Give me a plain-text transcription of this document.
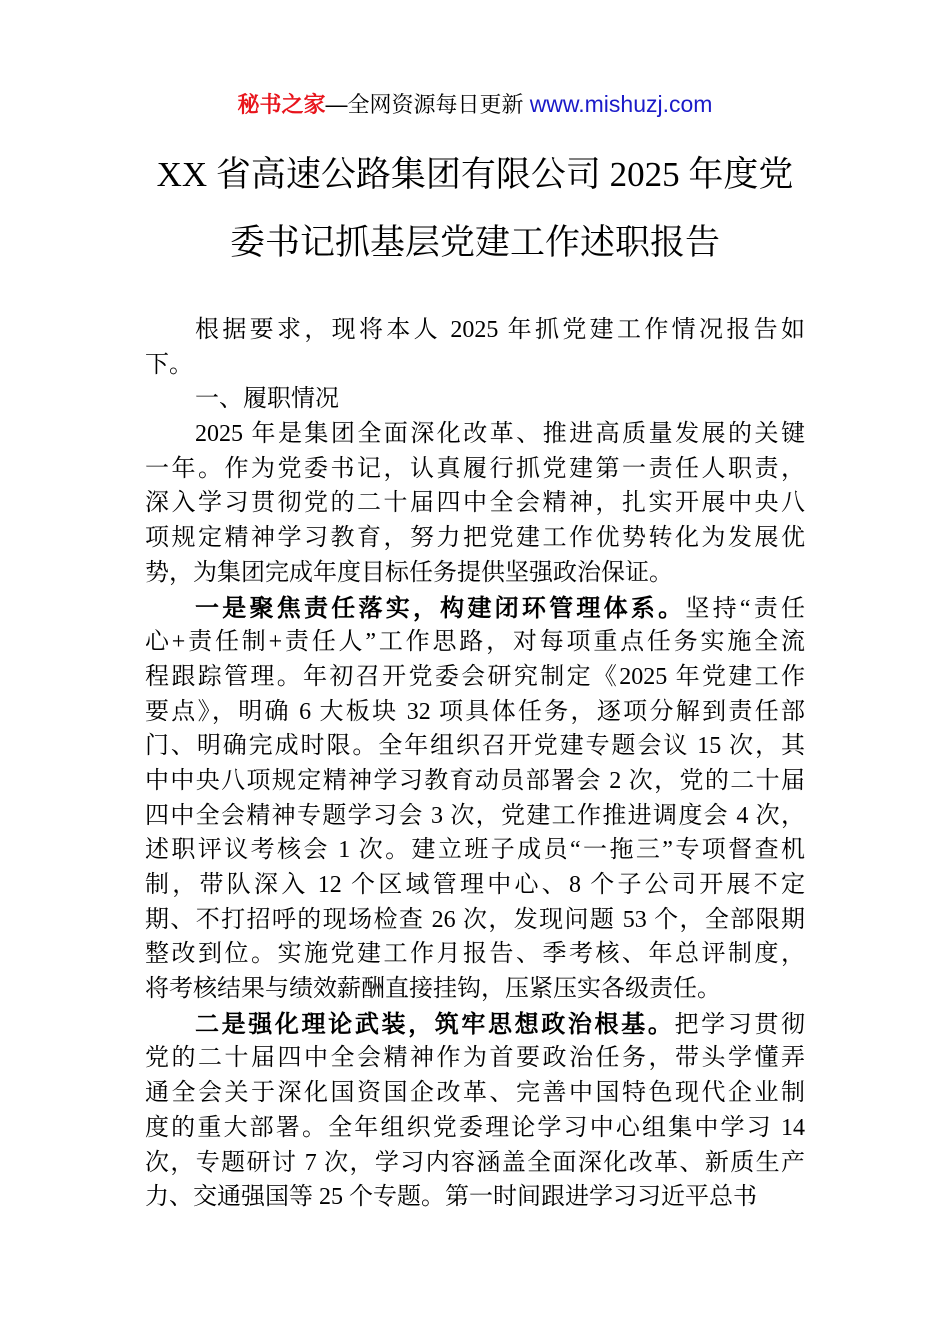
秘书之家—全网资源每日更新 www.mishuzj.com
XX 省高速公路集团有限公司 2025 年度党
委书记抓基层党建工作述职报告
根据要求，现将本人 2025 年抓党建工作情况报告如
下。
一、履职情况
2025 年是集团全面深化改革、推进高质量发展的关键
一年。作为党委书记，认真履行抓党建第一责任人职责，
深入学习贯彻党的二十届四中全会精神，扎实开展中央八
项规定精神学习教育，努力把党建工作优势转化为发展优
势，为集团完成年度目标任务提供坚强政治保证。
一是聚焦责任落实，构建闭环管理体系。坚持“责任
心+责任制+责任人”工作思路，对每项重点任务实施全流
程跟踪管理。年初召开党委会研究制定《2025 年党建工作
要点》，明确 6 大板块 32 项具体任务，逐项分解到责任部
门、明确完成时限。全年组织召开党建专题会议 15 次，其
中中央八项规定精神学习教育动员部署会 2 次，党的二十届
四中全会精神专题学习会 3 次，党建工作推进调度会 4 次，
述职评议考核会 1 次。建立班子成员“一拖三”专项督查机
制，带队深入 12 个区域管理中心、8 个子公司开展不定
期、不打招呼的现场检查 26 次，发现问题 53 个，全部限期
整改到位。实施党建工作月报告、季考核、年总评制度，
将考核结果与绩效薪酬直接挂钩，压紧压实各级责任。
二是强化理论武装，筑牢思想政治根基。把学习贯彻
党的二十届四中全会精神作为首要政治任务，带头学懂弄
通全会关于深化国资国企改革、完善中国特色现代企业制
度的重大部署。全年组织党委理论学习中心组集中学习 14
次，专题研讨 7 次，学习内容涵盖全面深化改革、新质生产
力、交通强国等 25 个专题。第一时间跟进学习习近平总书
